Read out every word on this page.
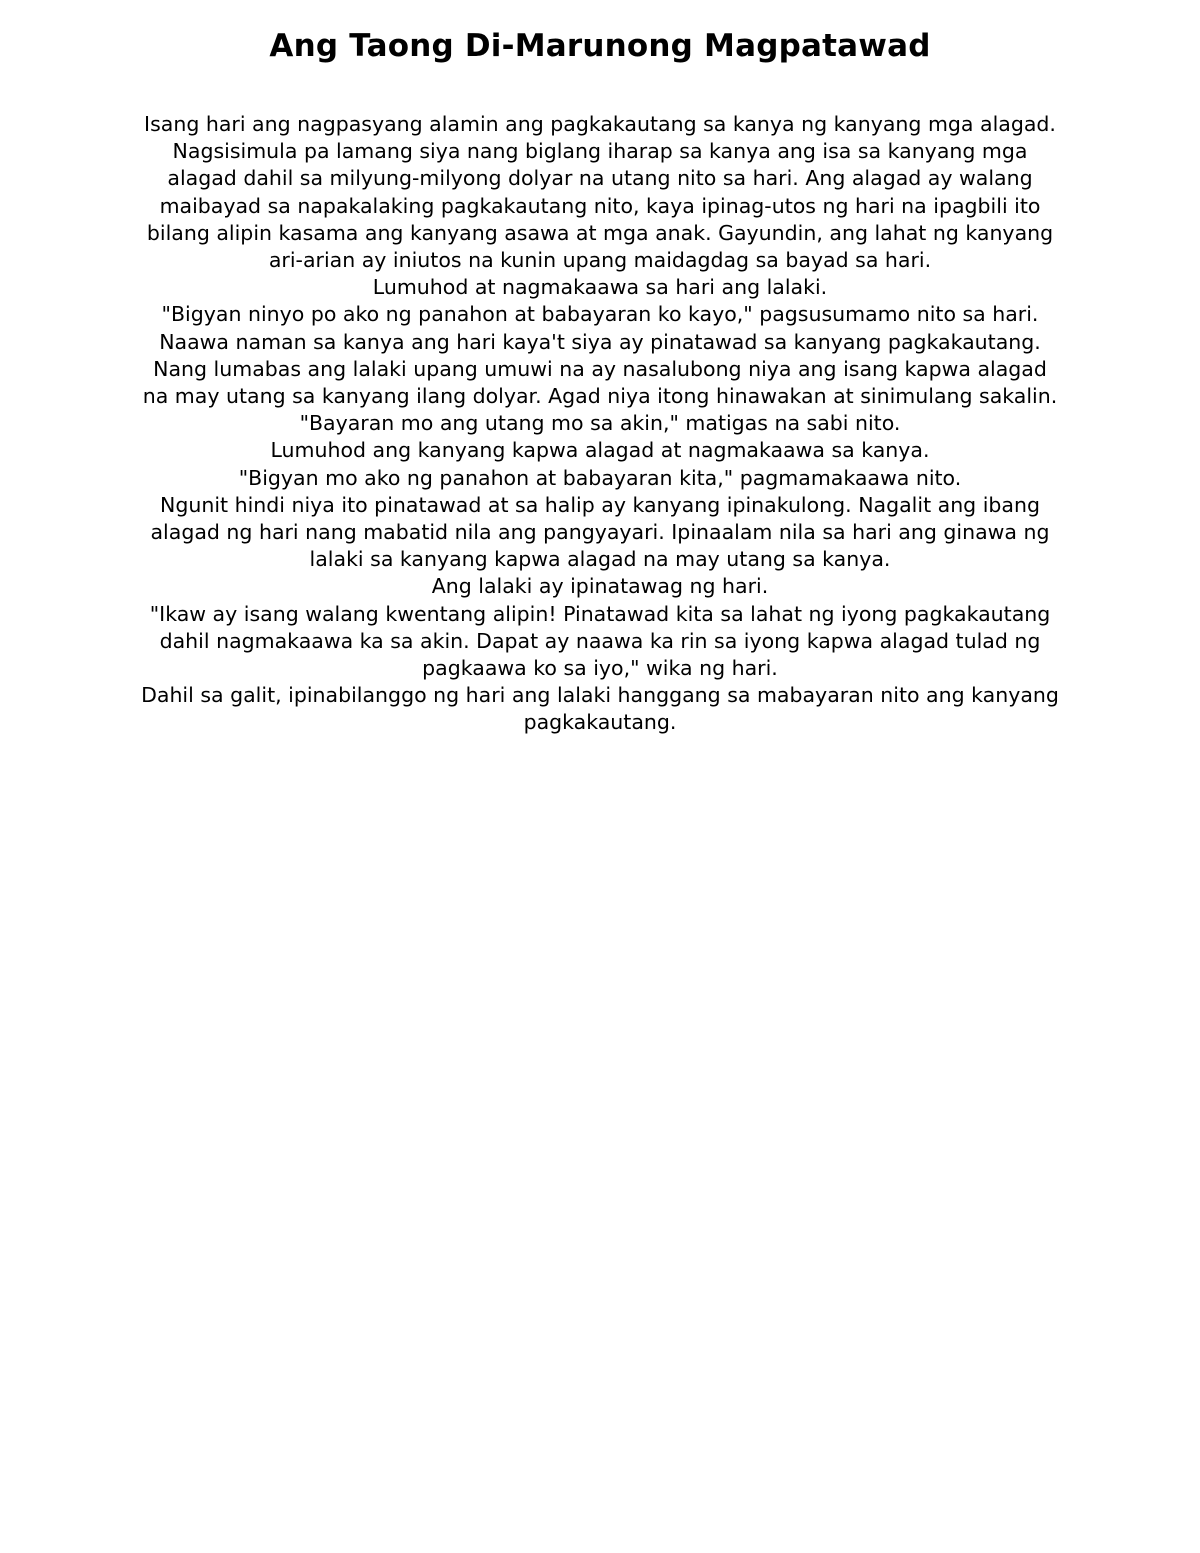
Ang Taong Di-Marunong Magpatawad

Isang hari ang nagpasyang alamin ang pagkakautang sa kanya ng kanyang mga alagad. Nagsisimula pa lamang siya nang biglang iharap sa kanya ang isa sa kanyang mga alagad dahil sa milyung-milyong dolyar na utang nito sa hari. Ang alagad ay walang maibayad sa napakalaking pagkakautang nito, kaya ipinag-utos ng hari na ipagbili ito bilang alipin kasama ang kanyang asawa at mga anak. Gayundin, ang lahat ng kanyang ari-arian ay iniutos na kunin upang maidagdag sa bayad sa hari.

Lumuhod at nagmakaawa sa hari ang lalaki.

"Bigyan ninyo po ako ng panahon at babayaran ko kayo," pagsusumamo nito sa hari. Naawa naman sa kanya ang hari kaya't siya ay pinatawad sa kanyang pagkakautang.

Nang lumabas ang lalaki upang umuwi na ay nasalubong niya ang isang kapwa alagad na may utang sa kanyang ilang dolyar. Agad niya itong hinawakan at sinimulang sakalin.

"Bayaran mo ang utang mo sa akin," matigas na sabi nito.

Lumuhod ang kanyang kapwa alagad at nagmakaawa sa kanya.

"Bigyan mo ako ng panahon at babayaran kita," pagmamakaawa nito.

Ngunit hindi niya ito pinatawad at sa halip ay kanyang ipinakulong. Nagalit ang ibang alagad ng hari nang mabatid nila ang pangyayari. Ipinaalam nila sa hari ang ginawa ng lalaki sa kanyang kapwa alagad na may utang sa kanya.

Ang lalaki ay ipinatawag ng hari.

"Ikaw ay isang walang kwentang alipin! Pinatawad kita sa lahat ng iyong pagkakautang dahil nagmakaawa ka sa akin. Dapat ay naawa ka rin sa iyong kapwa alagad tulad ng pagkaawa ko sa iyo," wika ng hari.

Dahil sa galit, ipinabilanggo ng hari ang lalaki hanggang sa mabayaran nito ang kanyang pagkakautang.
